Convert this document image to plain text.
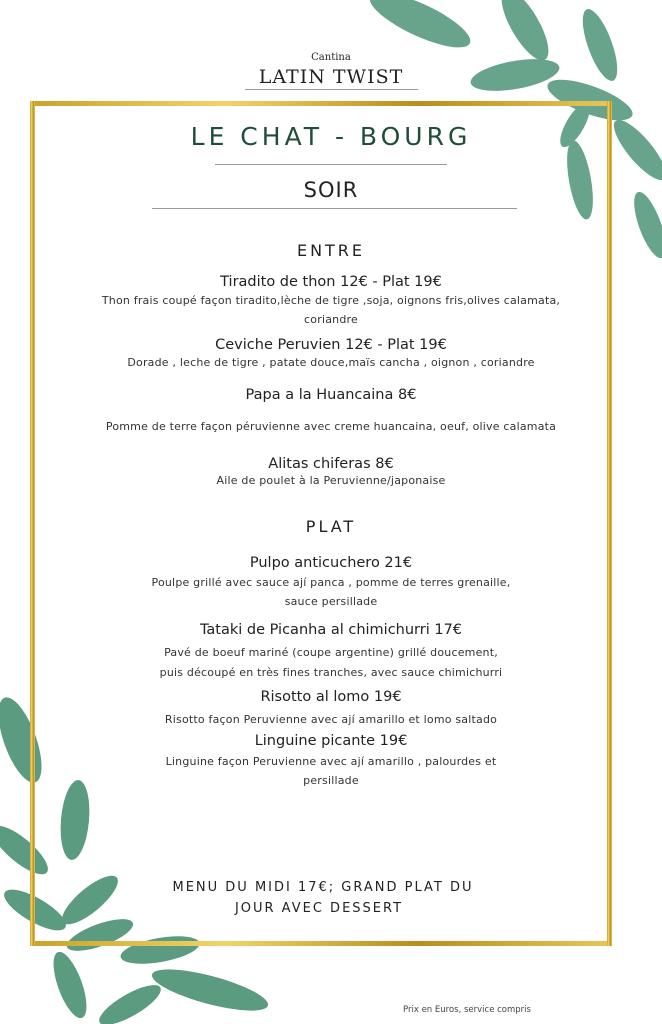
Cantina
LATIN TWIST
LE CHAT - BOURG
SOIR
ENTRE
Tiradito de thon 12€ - Plat 19€
Thon frais coupé façon tiradito,lèche de tigre ,soja, oignons fris,olives calamata,
coriandre
Ceviche Peruvien 12€ - Plat 19€
Dorade , leche de tigre , patate douce,maïs cancha , oignon , coriandre
Papa a la Huancaina 8€
Pomme de terre façon péruvienne avec creme huancaina, oeuf, olive calamata
Alitas chiferas 8€
Aile de poulet à la Peruvienne/japonaise
PLAT
Pulpo anticuchero 21€
Poulpe grillé avec sauce ají panca , pomme de terres grenaille,
sauce persillade
Tataki de Picanha al chimichurri 17€
Pavé de boeuf mariné (coupe argentine) grillé doucement,
puis découpé en très fines tranches, avec sauce chimichurri
Risotto al lomo 19€
Risotto façon Peruvienne avec ají amarillo et lomo saltado
Linguine picante 19€
Linguine façon Peruvienne avec ají amarillo , palourdes et
persillade
MENU DU MIDI 17€; GRAND PLAT DU
JOUR AVEC DESSERT
Prix en Euros, service compris
